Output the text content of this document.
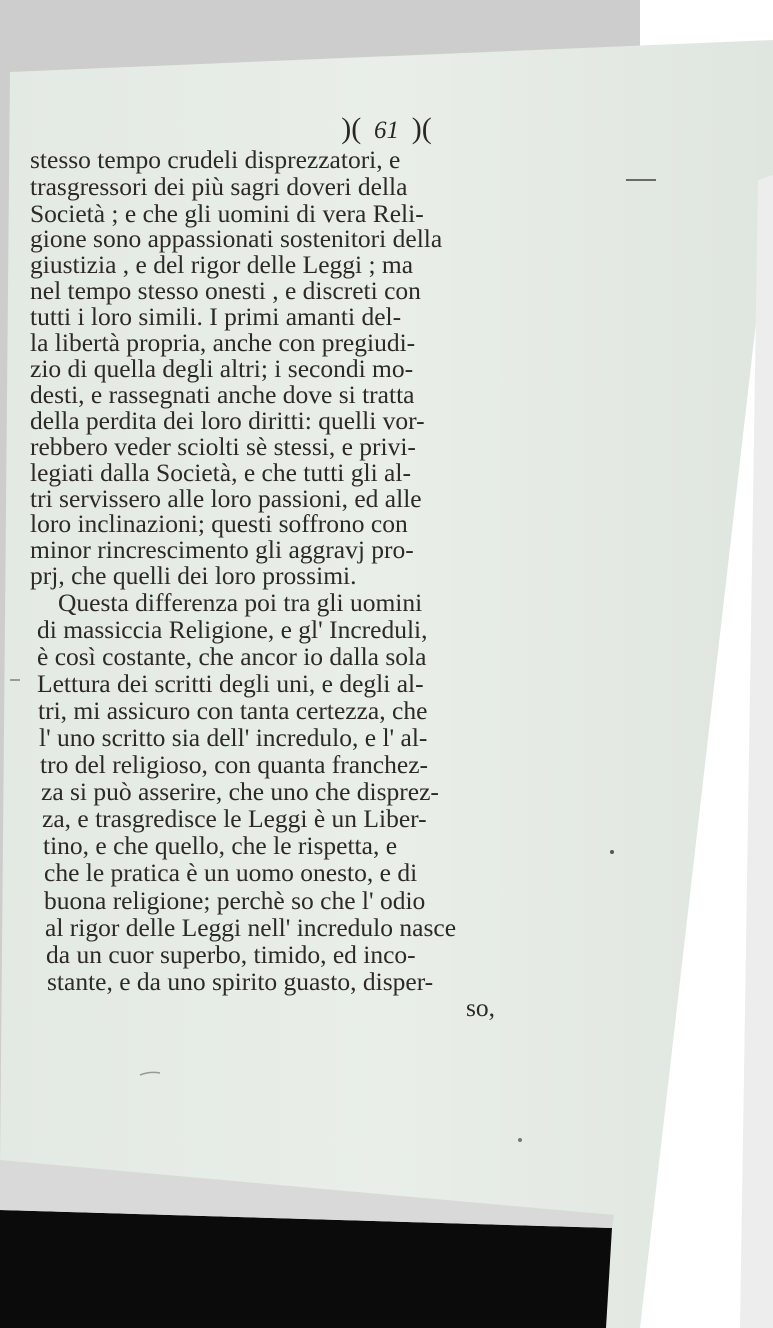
)( 61 )(
stesso tempo crudeli disprezzatori, e
trasgressori dei più sagri doveri della
Società ; e che gli uomini di vera Reli-
gione sono appassionati sostenitori della
giustizia , e del rigor delle Leggi ; ma
nel tempo stesso onesti , e discreti con
tutti i loro simili. I primi amanti del-
la libertà propria, anche con pregiudi-
zio di quella degli altri; i secondi mo-
desti, e rassegnati anche dove si tratta
della perdita dei loro diritti: quelli vor-
rebbero veder sciolti sè stessi, e privi-
legiati dalla Società, e che tutti gli al-
tri servissero alle loro passioni, ed alle
loro inclinazioni; questi soffrono con
minor rincrescimento gli aggravj pro-
prj, che quelli dei loro prossimi.
Questa differenza poi tra gli uomini
di massiccia Religione, e gl' Increduli,
è così costante, che ancor io dalla sola
Lettura dei scritti degli uni, e degli al-
tri, mi assicuro con tanta certezza, che
l' uno scritto sia dell' incredulo, e l' al-
tro del religioso, con quanta franchez-
za si può asserire, che uno che disprez-
za, e trasgredisce le Leggi è un Liber-
tino, e che quello, che le rispetta, e
che le pratica è un uomo onesto, e di
buona religione; perchè so che l' odio
al rigor delle Leggi nell' incredulo nasce
da un cuor superbo, timido, ed inco-
stante, e da uno spirito guasto, disper-
so,
